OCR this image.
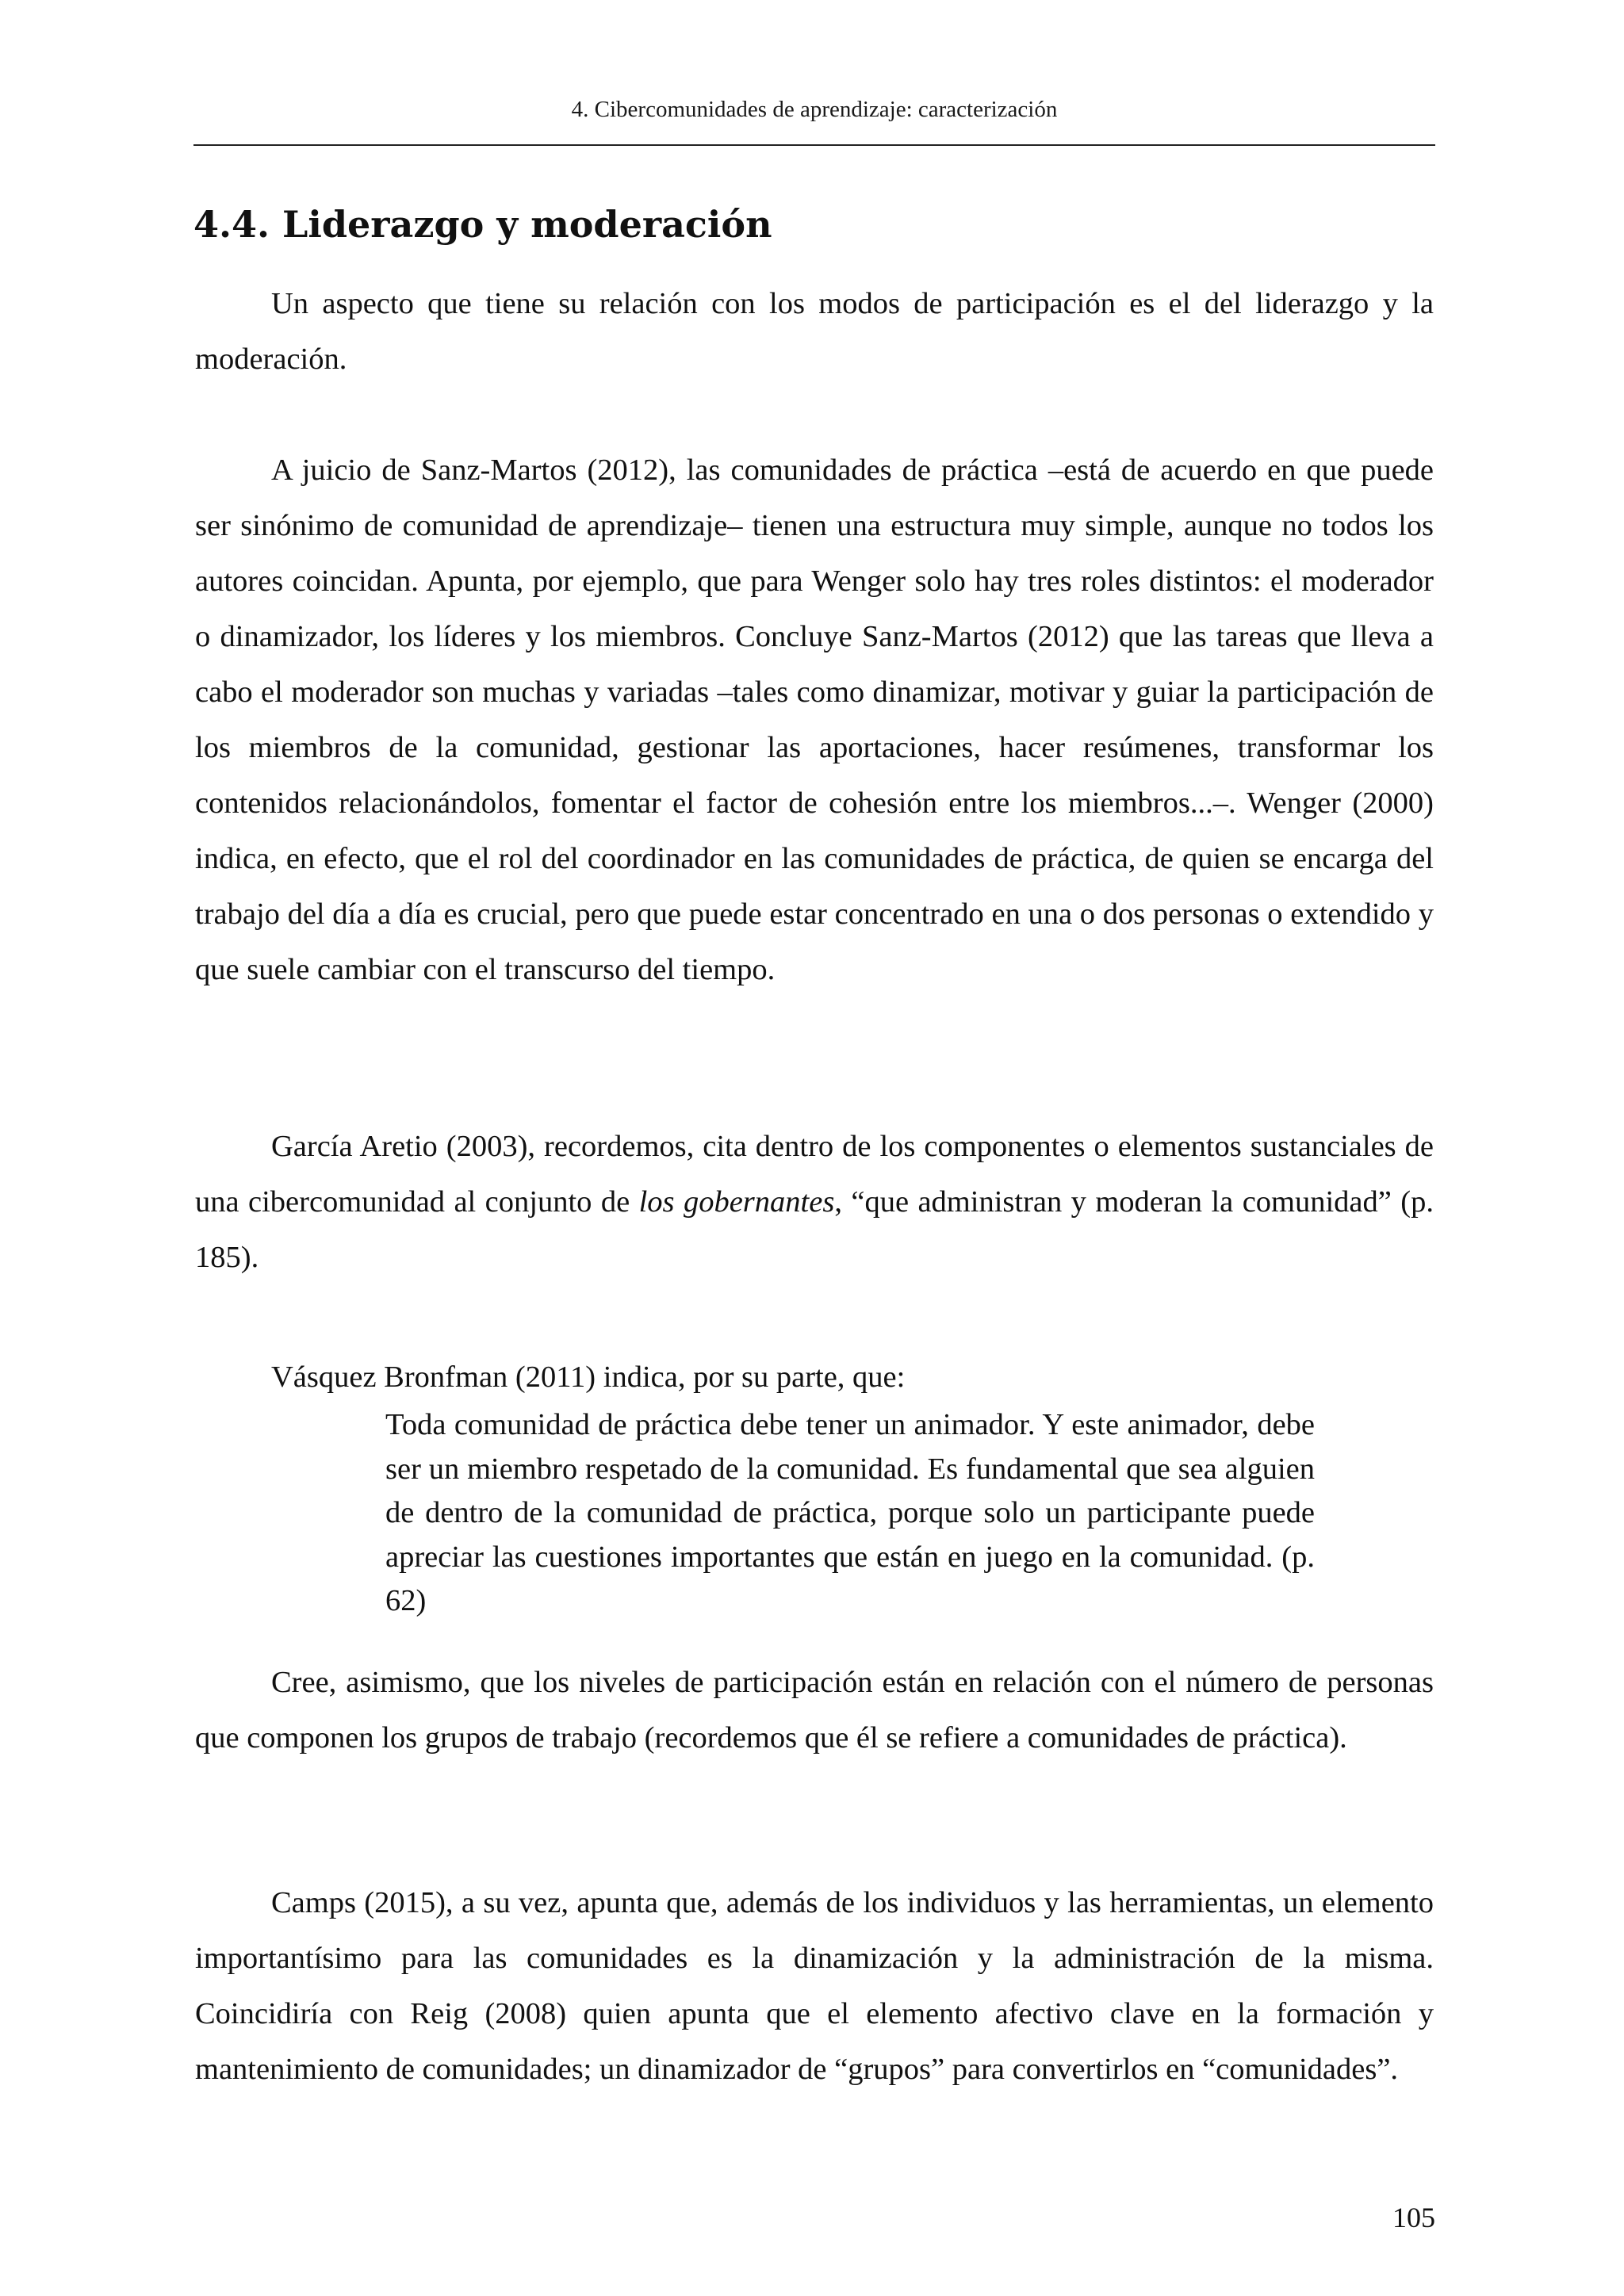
4. Cibercomunidades de aprendizaje: caracterización
4.4. Liderazgo y moderación

Un aspecto que tiene su relación con los modos de participación es el del liderazgo y la moderación.

A juicio de Sanz-Martos (2012), las comunidades de práctica –está de acuerdo en que puede ser sinónimo de comunidad de aprendizaje– tienen una estructura muy simple, aunque no todos los autores coincidan. Apunta, por ejemplo, que para Wenger solo hay tres roles distintos: el moderador o dinamizador, los líderes y los miembros. Concluye Sanz-Martos (2012) que las tareas que lleva a cabo el moderador son muchas y variadas –tales como dinamizar, motivar y guiar la participación de los miembros de la comunidad, gestionar las aportaciones, hacer resúmenes, transformar los contenidos relacionándolos, fomentar el factor de cohesión entre los miembros...–. Wenger (2000) indica, en efecto, que el rol del coordinador en las comunidades de práctica, de quien se encarga del trabajo del día a día es crucial, pero que puede estar concentrado en una o dos personas o extendido y que suele cambiar con el transcurso del tiempo.

García Aretio (2003), recordemos, cita dentro de los componentes o elementos sustanciales de una cibercomunidad al conjunto de los gobernantes, “que administran y moderan la comunidad” (p. 185).

Vásquez Bronfman (2011) indica, por su parte, que:

Toda comunidad de práctica debe tener un animador. Y este animador, debe ser un miembro respetado de la comunidad. Es fundamental que sea alguien de dentro de la comunidad de práctica, porque solo un participante puede apreciar las cuestiones importantes que están en juego en la comunidad. (p. 62)

Cree, asimismo, que los niveles de participación están en relación con el número de personas que componen los grupos de trabajo (recordemos que él se refiere a comunidades de práctica).

Camps (2015), a su vez, apunta que, además de los individuos y las herramientas, un elemento importantísimo para las comunidades es la dinamización y la administración de la misma. Coincidiría con Reig (2008) quien apunta que el elemento afectivo clave en la formación y mantenimiento de comunidades; un dinamizador de “grupos” para convertirlos en “comunidades”.

105
